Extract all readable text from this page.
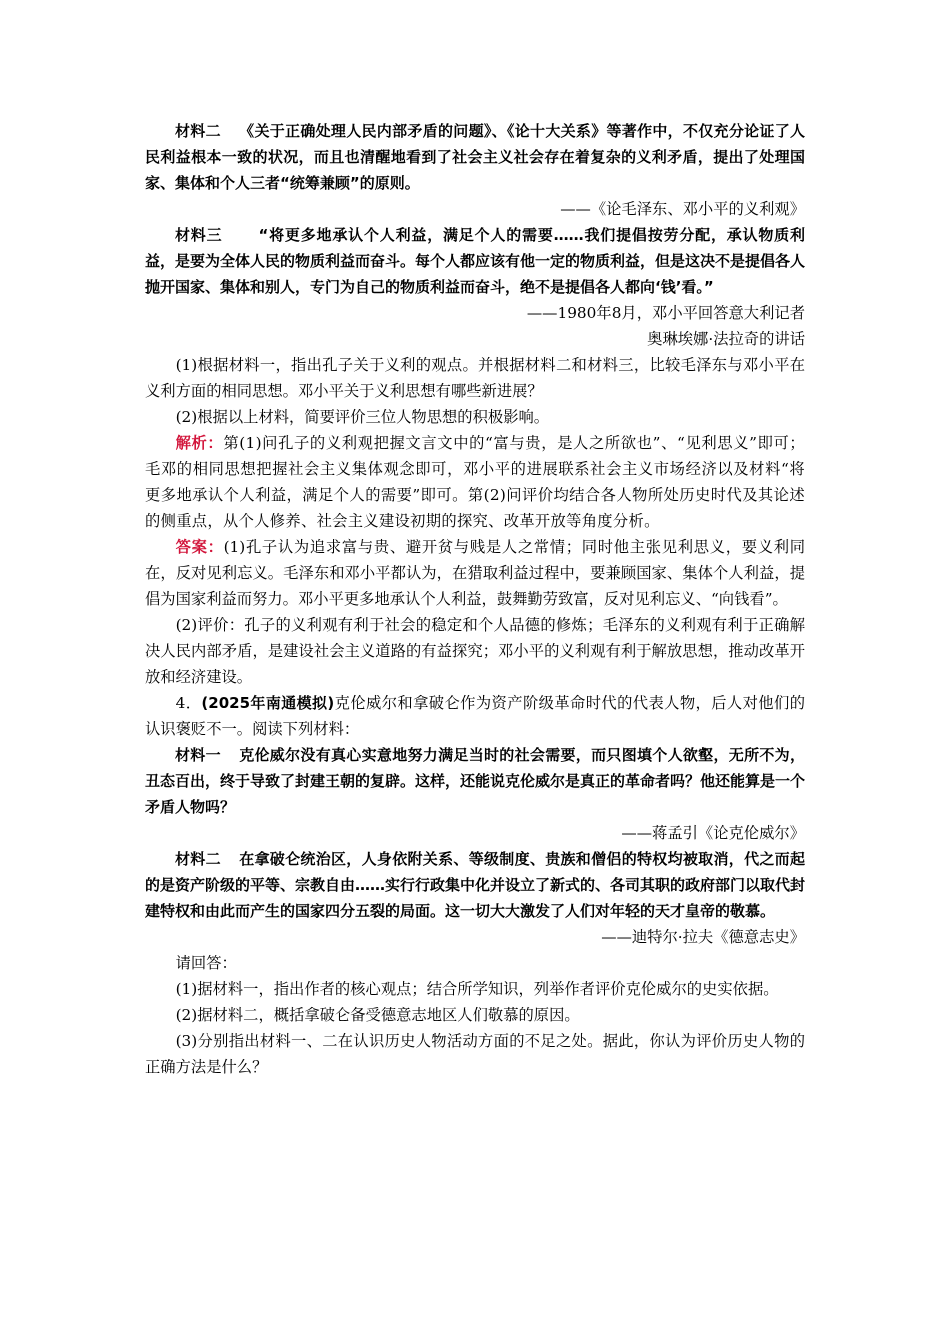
材料二 《关于正确处理人民内部矛盾的问题》、《论十大关系》等著作中，不仅充分论证了人民利益根本一致的状况，而且也清醒地看到了社会主义社会存在着复杂的义利矛盾，提出了处理国家、集体和个人三者“统筹兼顾”的原则。

——《论毛泽东、邓小平的义利观》

材料三 “将更多地承认个人利益，满足个人的需要……我们提倡按劳分配，承认物质利益，是要为全体人民的物质利益而奋斗。每个人都应该有他一定的物质利益，但是这决不是提倡各人抛开国家、集体和别人，专门为自己的物质利益而奋斗，绝不是提倡各人都向‘钱’看。”

——1980年8月，邓小平回答意大利记者

奥琳埃娜·法拉奇的讲话

(1)根据材料一，指出孔子关于义利的观点。并根据材料二和材料三，比较毛泽东与邓小平在义利方面的相同思想。邓小平关于义利思想有哪些新进展？

(2)根据以上材料，简要评价三位人物思想的积极影响。

解析：第(1)问孔子的义利观把握文言文中的“富与贵，是人之所欲也”、“见利思义”即可；毛邓的相同思想把握社会主义集体观念即可，邓小平的进展联系社会主义市场经济以及材料“将更多地承认个人利益，满足个人的需要”即可。第(2)问评价均结合各人物所处历史时代及其论述的侧重点，从个人修养、社会主义建设初期的探究、改革开放等角度分析。

答案：(1)孔子认为追求富与贵、避开贫与贱是人之常情；同时他主张见利思义，要义利同在，反对见利忘义。毛泽东和邓小平都认为，在猎取利益过程中，要兼顾国家、集体个人利益，提倡为国家利益而努力。邓小平更多地承认个人利益，鼓舞勤劳致富，反对见利忘义、“向钱看”。

(2)评价：孔子的义利观有利于社会的稳定和个人品德的修炼；毛泽东的义利观有利于正确解决人民内部矛盾，是建设社会主义道路的有益探究；邓小平的义利观有利于解放思想，推动改革开放和经济建设。

4．(2025年南通模拟)克伦威尔和拿破仑作为资产阶级革命时代的代表人物，后人对他们的认识褒贬不一。阅读下列材料：

材料一 克伦威尔没有真心实意地努力满足当时的社会需要，而只图填个人欲壑，无所不为，丑态百出，终于导致了封建王朝的复辟。这样，还能说克伦威尔是真正的革命者吗？他还能算是一个矛盾人物吗？

——蒋孟引《论克伦威尔》

材料二 在拿破仑统治区，人身依附关系、等级制度、贵族和僧侣的特权均被取消，代之而起的是资产阶级的平等、宗教自由……实行行政集中化并设立了新式的、各司其职的政府部门以取代封建特权和由此而产生的国家四分五裂的局面。这一切大大激发了人们对年轻的天才皇帝的敬慕。

——迪特尔·拉夫《德意志史》

请回答：

(1)据材料一，指出作者的核心观点；结合所学知识，列举作者评价克伦威尔的史实依据。

(2)据材料二，概括拿破仑备受德意志地区人们敬慕的原因。

(3)分别指出材料一、二在认识历史人物活动方面的不足之处。据此，你认为评价历史人物的正确方法是什么？
